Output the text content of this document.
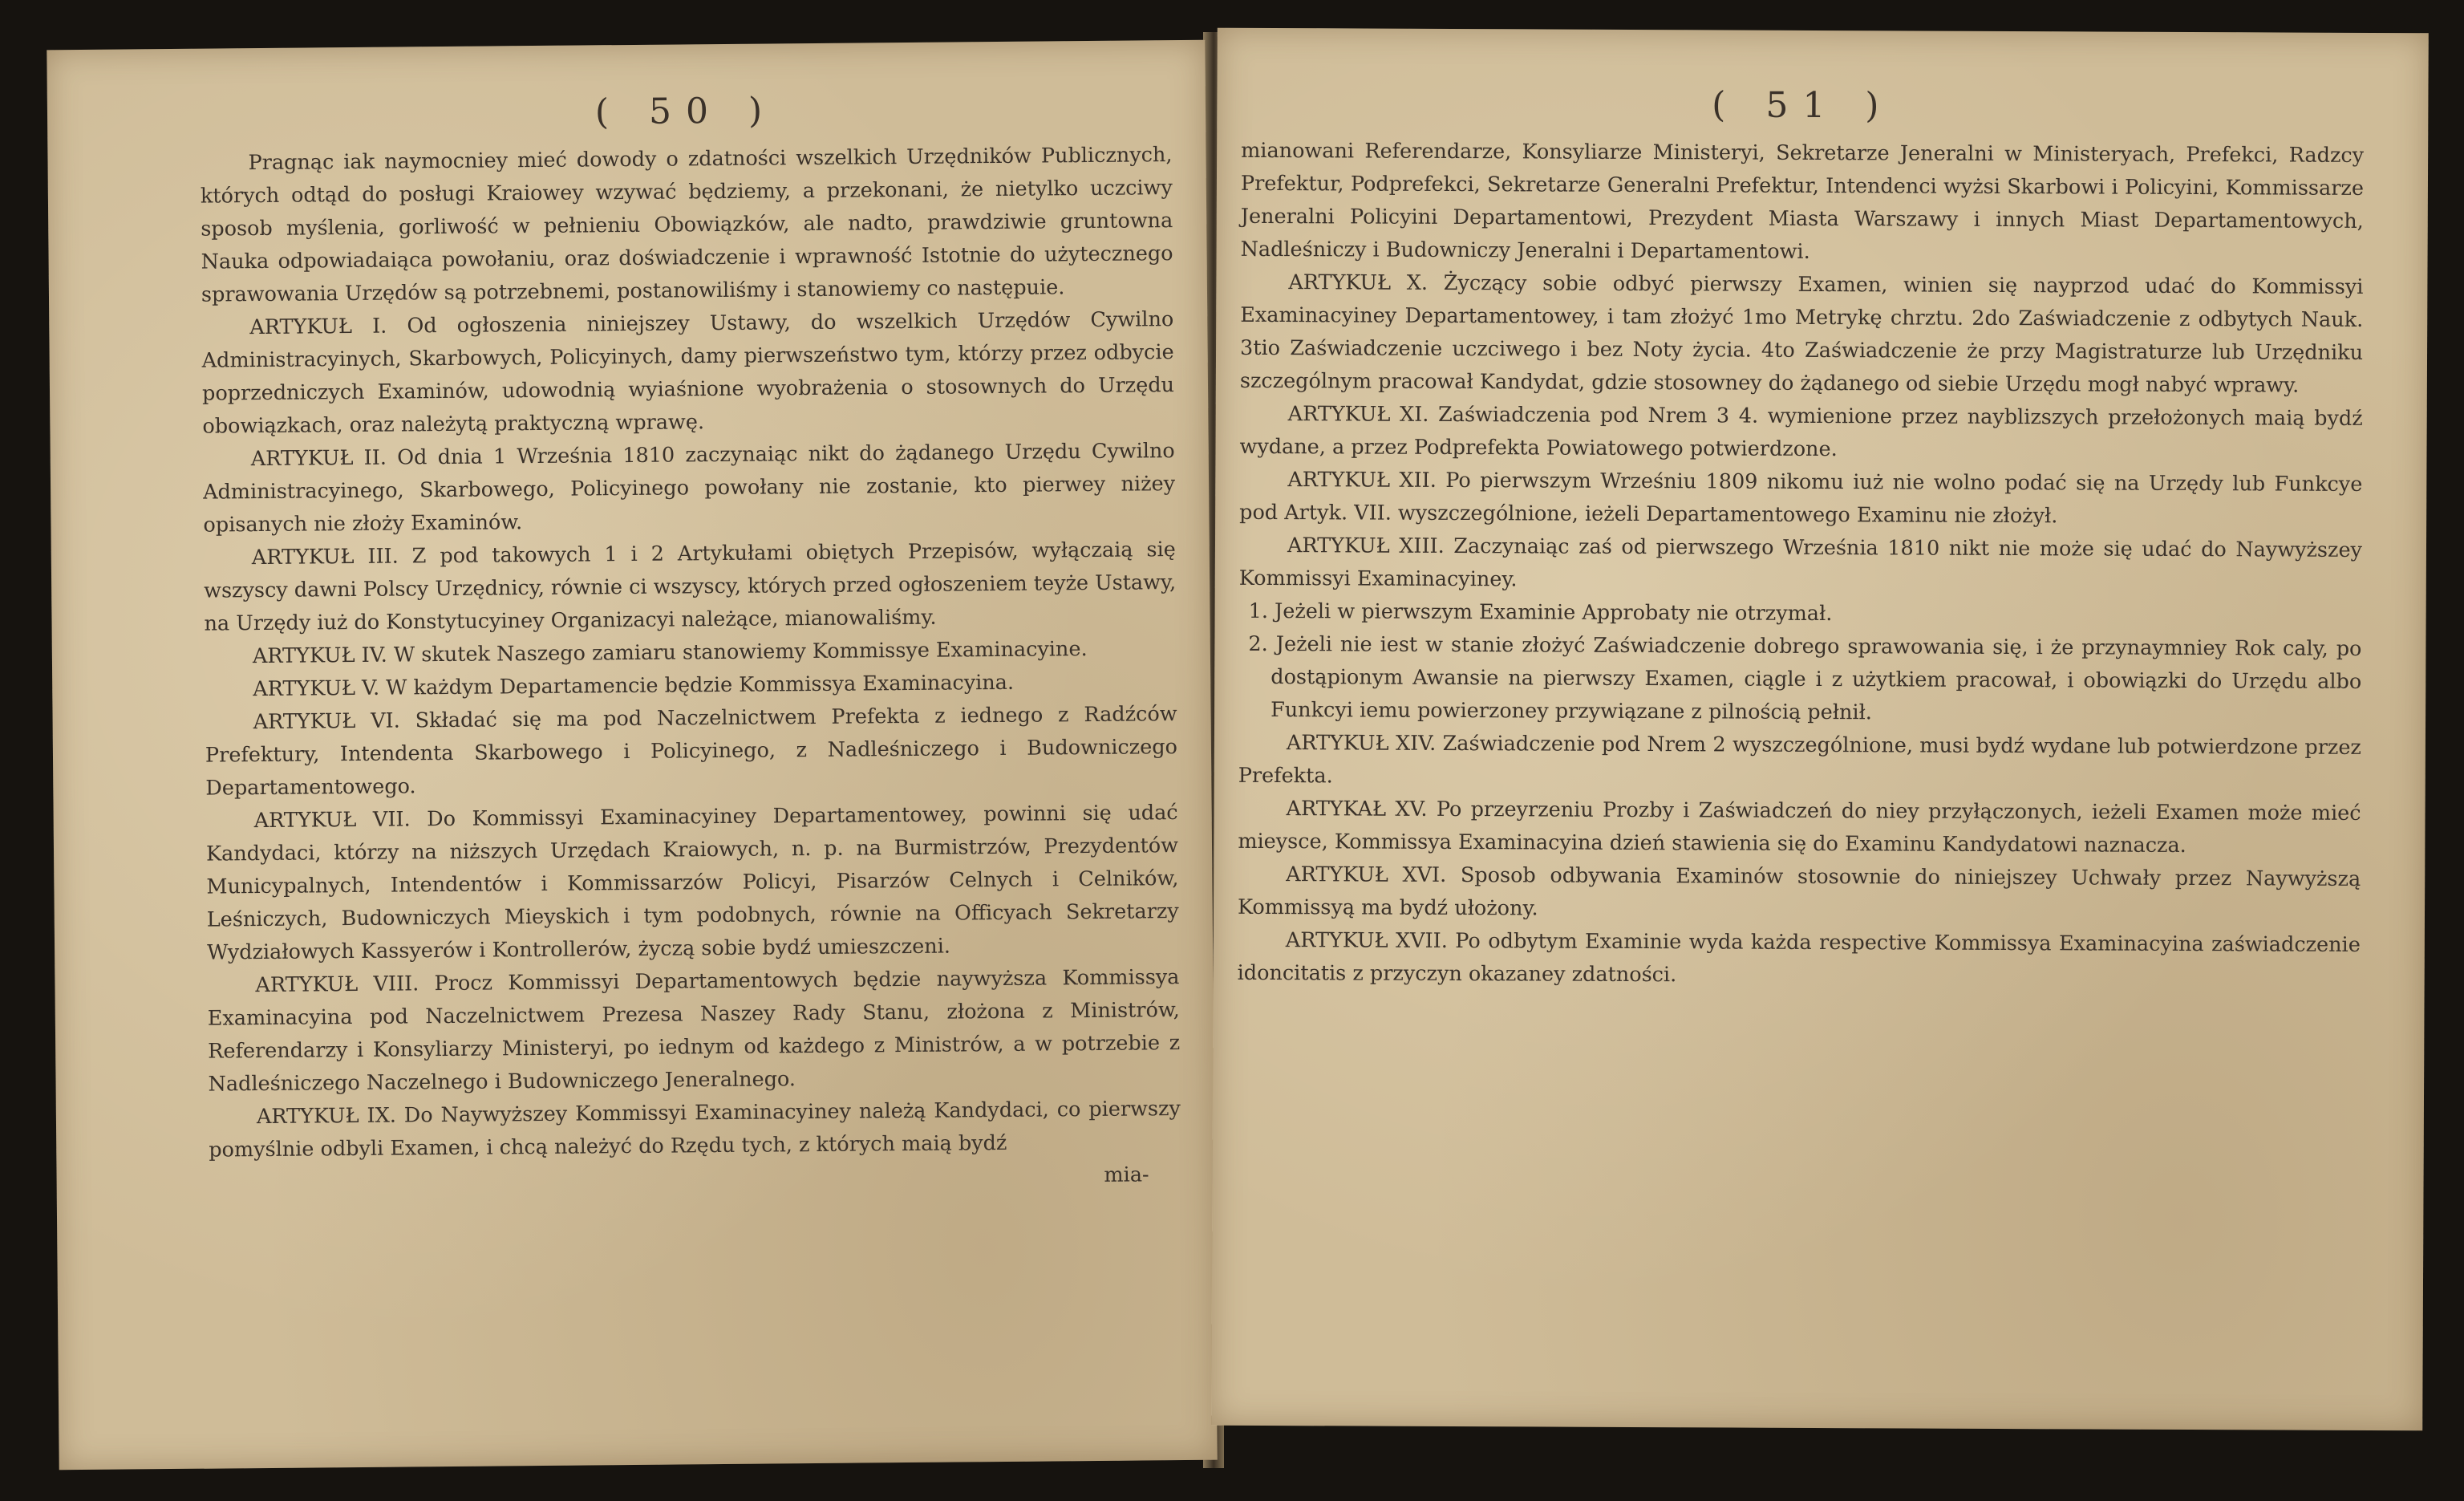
( 50 )

Pragnąc iak naymocniey mieć dowody o zdatności wszelkich Urzędników Publicznych, których odtąd do posługi Kraiowey wzywać będziemy, a przekonani, że nietylko uczciwy sposob myślenia, gorliwość w pełnieniu Obowiązków, ale nadto, prawdziwie gruntowna Nauka odpowiadaiąca powołaniu, oraz doświadczenie i wprawność Istotnie do użytecznego sprawowania Urzędów są potrzebnemi, postanowiliśmy i stanowiemy co następuie.

ARTYKUŁ I. Od ogłoszenia niniejszey Ustawy, do wszelkich Urzędów Cywilno Administracyinych, Skarbowych, Policyinych, damy pierwszeństwo tym, którzy przez odbycie poprzedniczych Examinów, udowodnią wyiaśnione wyobrażenia o stosownych do Urzędu obowiązkach, oraz należytą praktyczną wprawę.

ARTYKUŁ II. Od dnia 1 Września 1810 zaczynaiąc nikt do żądanego Urzędu Cywilno Administracyinego, Skarbowego, Policyinego powołany nie zostanie, kto pierwey niżey opisanych nie złoży Examinów.

ARTYKUŁ III. Z pod takowych 1 i 2 Artykułami obiętych Przepisów, wyłączaią się wszyscy dawni Polscy Urzędnicy, równie ci wszyscy, których przed ogłoszeniem teyże Ustawy, na Urzędy iuż do Konstytucyiney Organizacyi należące, mianowaliśmy.

ARTYKUŁ IV. W skutek Naszego zamiaru stanowiemy Kommissye Examinacyine.

ARTYKUŁ V. W każdym Departamencie będzie Kommissya Examinacyina.

ARTYKUŁ VI. Składać się ma pod Naczelnictwem Prefekta z iednego z Radźców Prefektury, Intendenta Skarbowego i Policyinego, z Nadleśniczego i Budowniczego Departamentowego.

ARTYKUŁ VII. Do Kommissyi Examinacyiney Departamentowey, powinni się udać Kandydaci, którzy na niższych Urzędach Kraiowych, n. p. na Burmistrzów, Prezydentów Municypalnych, Intendentów i Kommissarzów Policyi, Pisarzów Celnych i Celników, Leśniczych, Budowniczych Mieyskich i tym podobnych, równie na Officyach Sekretarzy Wydziałowych Kassyerów i Kontrollerów, życzą sobie bydź umieszczeni.

ARTYKUŁ VIII. Procz Kommissyi Departamentowych będzie naywyższa Kommissya Examinacyina pod Naczelnictwem Prezesa Naszey Rady Stanu, złożona z Ministrów, Referendarzy i Konsyliarzy Ministeryi, po iednym od każdego z Ministrów, a w potrzebie z Nadleśniczego Naczelnego i Budowniczego Jeneralnego.

ARTYKUŁ IX. Do Naywyższey Kommissyi Examinacyiney należą Kandydaci, co pierwszy pomyślnie odbyli Examen, i chcą należyć do Rzędu tych, z których maią bydź

mia-

( 51 )

mianowani Referendarze, Konsyliarze Ministeryi, Sekretarze Jeneralni w Ministeryach, Prefekci, Radzcy Prefektur, Podprefekci, Sekretarze Generalni Prefektur, Intendenci wyżsi Skarbowi i Policyini, Kommissarze Jeneralni Policyini Departamentowi, Prezydent Miasta Warszawy i innych Miast Departamentowych, Nadleśniczy i Budowniczy Jeneralni i Departamentowi.

ARTYKUŁ X. Życzący sobie odbyć pierwszy Examen, winien się nayprzod udać do Kommissyi Examinacyiney Departamentowey, i tam złożyć 1mo Metrykę chrztu. 2do Zaświadczenie z odbytych Nauk. 3tio Zaświadczenie uczciwego i bez Noty życia. 4to Zaświadczenie że przy Magistraturze lub Urzędniku szczególnym pracował Kandydat, gdzie stosowney do żądanego od siebie Urzędu mogł nabyć wprawy.

ARTYKUŁ XI. Zaświadczenia pod Nrem 3 4. wymienione przez nayblizszych przełożonych maią bydź wydane, a przez Podprefekta Powiatowego potwierdzone.

ARTYKUŁ XII. Po pierwszym Wrześniu 1809 nikomu iuż nie wolno podać się na Urzędy lub Funkcye pod Artyk. VII. wyszczególnione, ieżeli Departamentowego Examinu nie złożył.

ARTYKUŁ XIII. Zaczynaiąc zaś od pierwszego Września 1810 nikt nie może się udać do Naywyższey Kommissyi Examinacyiney.

1. Jeżeli w pierwszym Examinie Approbaty nie otrzymał.

2. Jeżeli nie iest w stanie złożyć Zaświadczenie dobrego sprawowania się, i że przynaymniey Rok caly, po dostąpionym Awansie na pierwszy Examen, ciągle i z użytkiem pracował, i obowiązki do Urzędu albo Funkcyi iemu powierzoney przywiązane z pilnością pełnił.

ARTYKUŁ XIV. Zaświadczenie pod Nrem 2 wyszczególnione, musi bydź wydane lub potwierdzone przez Prefekta.

ARTYKAŁ XV. Po przeyrzeniu Prozby i Zaświadczeń do niey przyłączonych, ieżeli Examen może mieć mieysce, Kommissya Examinacyina dzień stawienia się do Examinu Kandydatowi naznacza.

ARTYKUŁ XVI. Sposob odbywania Examinów stosownie do niniejszey Uchwały przez Naywyższą Kommissyą ma bydź ułożony.

ARTYKUŁ XVII. Po odbytym Examinie wyda każda respective Kommissya Examinacyina zaświadczenie idoncitatis z przyczyn okazaney zdatności.
